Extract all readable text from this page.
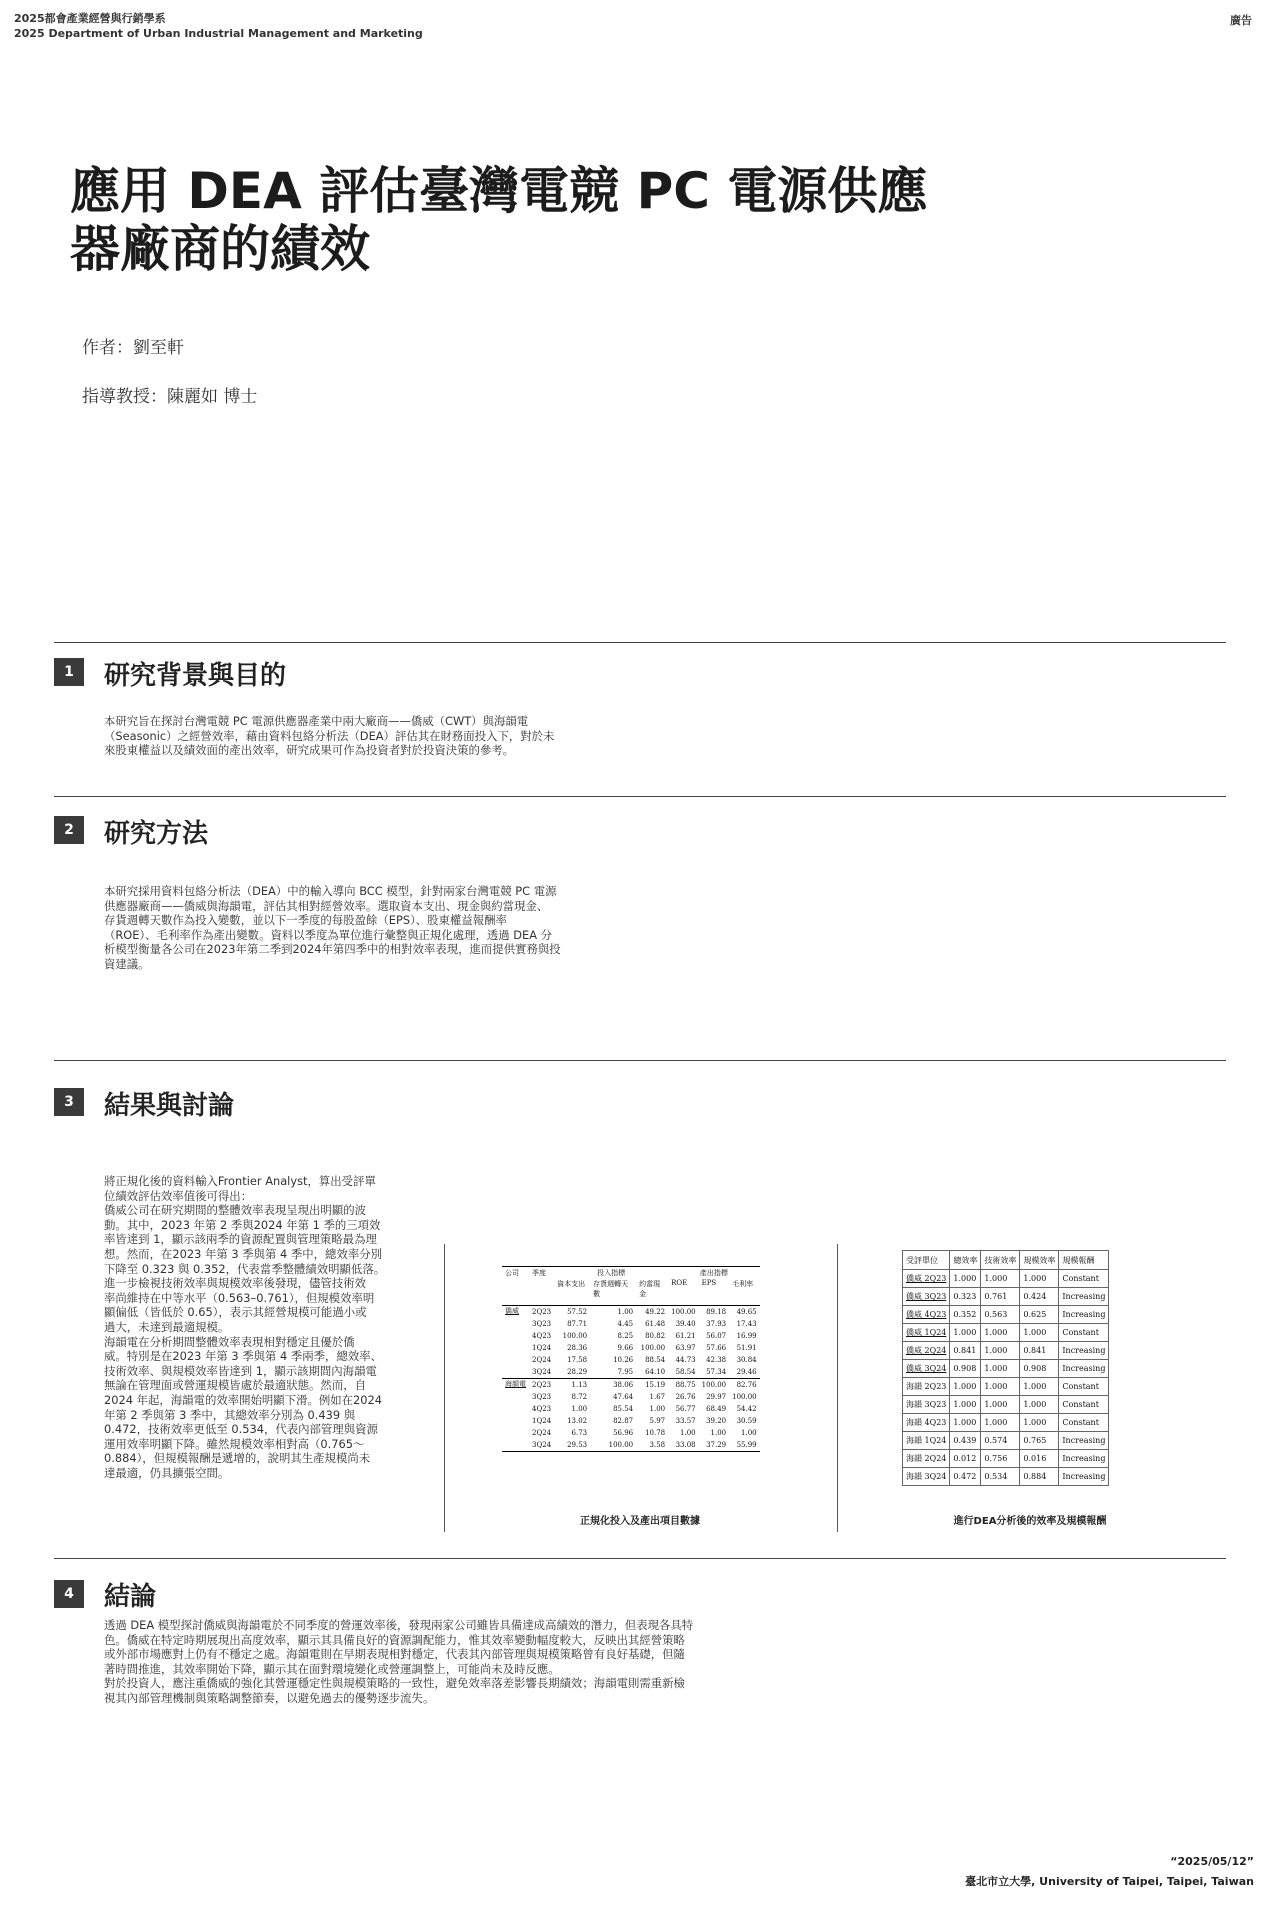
2025都會產業經營與行銷學系
2025 Department of Urban Industrial Management and Marketing
廣告
應用 DEA 評估臺灣電競 PC 電源供應器廠商的績效
作者：劉至軒
指導教授：陳麗如 博士
1	研究背景與目的
本研究旨在探討台灣電競 PC 電源供應器產業中兩大廠商——僑威（CWT）與海韻電
（Seasonic）之經營效率，藉由資料包絡分析法（DEA）評估其在財務面投入下，對於未
來股東權益以及績效面的產出效率，研究成果可作為投資者對於投資決策的參考。
2	研究方法
本研究採用資料包絡分析法（DEA）中的輸入導向 BCC 模型，針對兩家台灣電競 PC 電源
供應器廠商——僑威與海韻電，評估其相對經營效率。選取資本支出、現金與約當現金、
存貨週轉天數作為投入變數，並以下一季度的每股盈餘（EPS）、股東權益報酬率
（ROE）、毛利率作為產出變數。資料以季度為單位進行彙整與正規化處理，透過 DEA 分
析模型衡量各公司在2023年第二季到2024年第四季中的相對效率表現，進而提供實務與投
資建議。
3	結果與討論
將正規化後的資料輸入Frontier Analyst，算出受評單
位績效評估效率值後可得出：
僑威公司在研究期間的整體效率表現呈現出明顯的波
動。其中，2023 年第 2 季與2024 年第 1 季的三項效
率皆達到 1，顯示該兩季的資源配置與管理策略最為理
想。然而，在2023 年第 3 季與第 4 季中，總效率分別
下降至 0.323 與 0.352，代表當季整體績效明顯低落。
進一步檢視技術效率與規模效率後發現，儘管技術效
率尚維持在中等水平（0.563–0.761），但規模效率明
顯偏低（皆低於 0.65），表示其經營規模可能過小或
過大，未達到最適規模。
海韻電在分析期間整體效率表現相對穩定且優於僑
威。特別是在2023 年第 3 季與第 4 季兩季，總效率、
技術效率、與規模效率皆達到 1，顯示該期間內海韻電
無論在管理面或營運規模皆處於最適狀態。然而，自
2024 年起，海韻電的效率開始明顯下滑。例如在2024
年第 2 季與第 3 季中，其總效率分別為 0.439 與
0.472，技術效率更低至 0.534，代表內部管理與資源
運用效率明顯下降。雖然規模效率相對高（0.765～
0.884），但規模報酬是遞增的，說明其生產規模尚未
達最適，仍具擴張空間。
公司	季度	投入指標			產出指標		
		資本支出	存貨週轉天數	約當現金	ROE	EPS	毛利率
僑威	2Q23	57.52	1.00	49.22	100.00	89.18	49.65
	3Q23	87.71	4.45	61.48	39.40	37.93	17.43
	4Q23	100.00	8.25	80.82	61.21	56.07	16.99
	1Q24	28.36	9.66	100.00	63.97	57.66	51.91
	2Q24	17.58	10.26	88.54	44.73	42.38	30.84
	3Q24	28.29	7.95	64.10	58.54	57.34	29.46
海韻電	2Q23	1.13	38.06	15.19	88.75	100.00	82.76
	3Q23	8.72	47.64	1.67	26.76	29.97	100.00
	4Q23	1.00	85.54	1.00	56.77	68.49	54.42
	1Q24	13.02	82.87	5.97	33.57	39.20	30.59
	2Q24	6.73	56.96	10.78	1.00	1.00	1.00
	3Q24	29.53	100.00	3.58	33.08	37.29	55.99
正規化投入及產出項目數據
受評單位	總效率	技術效率	規模效率	規模報酬
僑威 2Q23	1.000	1.000	1.000	Constant
僑威 3Q23	0.323	0.761	0.424	Increasing
僑威 4Q23	0.352	0.563	0.625	Increasing
僑威 1Q24	1.000	1.000	1.000	Constant
僑威 2Q24	0.841	1.000	0.841	Increasing
僑威 3Q24	0.908	1.000	0.908	Increasing
海韻 2Q23	1.000	1.000	1.000	Constant
海韻 3Q23	1.000	1.000	1.000	Constant
海韻 4Q23	1.000	1.000	1.000	Constant
海韻 1Q24	0.439	0.574	0.765	Increasing
海韻 2Q24	0.012	0.756	0.016	Increasing
海韻 3Q24	0.472	0.534	0.884	Increasing
進行DEA分析後的效率及規模報酬
4	結論
透過 DEA 模型探討僑威與海韻電於不同季度的營運效率後，發現兩家公司雖皆具備達成高績效的潛力，但表現各具特
色。僑威在特定時期展現出高度效率，顯示其具備良好的資源調配能力，惟其效率變動幅度較大，反映出其經營策略
或外部市場應對上仍有不穩定之處。海韻電則在早期表現相對穩定，代表其內部管理與規模策略曾有良好基礎，但隨
著時間推進，其效率開始下降，顯示其在面對環境變化或營運調整上，可能尚未及時反應。
對於投資人，應注重僑威的強化其營運穩定性與規模策略的一致性，避免效率落差影響長期績效；海韻電則需重新檢
視其內部管理機制與策略調整節奏，以避免過去的優勢逐步流失。
“2025/05/12”
臺北市立大學, University of Taipei, Taipei, Taiwan
